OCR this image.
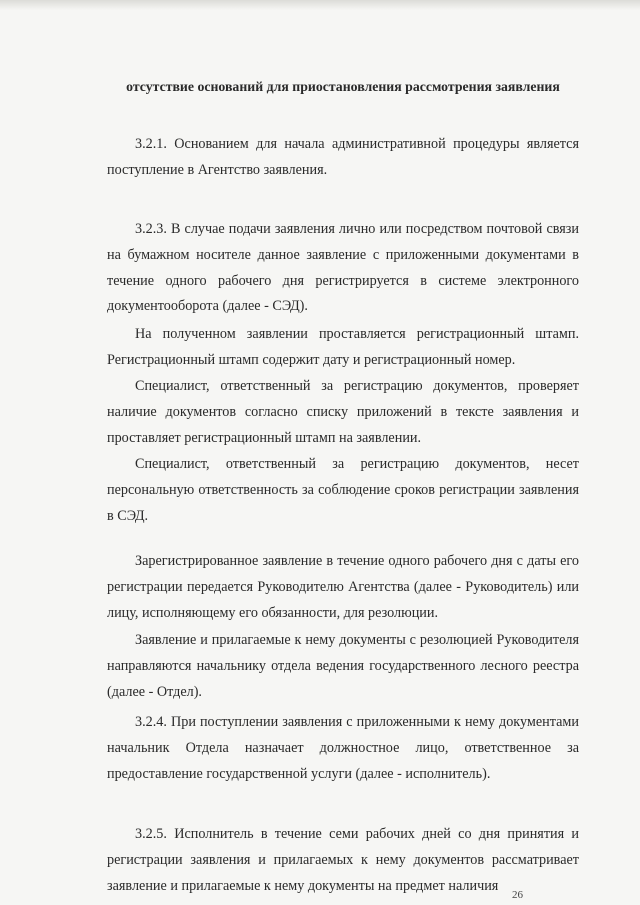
отсутствие оснований для приостановления рассмотрения заявления

3.2.1. Основанием для начала административной процедуры является поступление в Агентство заявления.

3.2.3. В случае подачи заявления лично или посредством почтовой связи на бумажном носителе данное заявление с приложенными документами в течение одного рабочего дня регистрируется в системе электронного документооборота (далее - СЭД).

На полученном заявлении проставляется регистрационный штамп. Регистрационный штамп содержит дату и регистрационный номер.

Специалист, ответственный за регистрацию документов, проверяет наличие документов согласно списку приложений в тексте заявления и проставляет регистрационный штамп на заявлении.

Специалист, ответственный за регистрацию документов, несет персональную ответственность за соблюдение сроков регистрации заявления в СЭД.

Зарегистрированное заявление в течение одного рабочего дня с даты его регистрации передается Руководителю Агентства (далее - Руководитель) или лицу, исполняющему его обязанности, для резолюции.

Заявление и прилагаемые к нему документы с резолюцией Руководителя направляются начальнику отдела ведения государственного лесного реестра (далее - Отдел).

3.2.4. При поступлении заявления с приложенными к нему документами начальник Отдела назначает должностное лицо, ответственное за предоставление государственной услуги (далее - исполнитель).

3.2.5. Исполнитель в течение семи рабочих дней со дня принятия и регистрации заявления и прилагаемых к нему документов рассматривает заявление и прилагаемые к нему документы на предмет наличия

26
